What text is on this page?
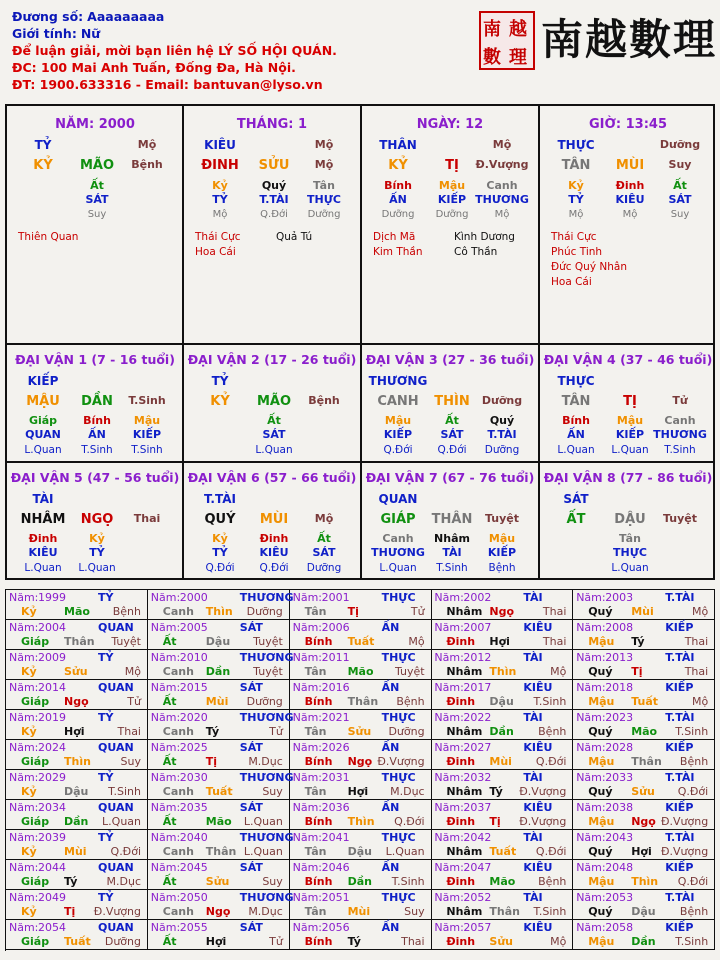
Đương số: Aaaaaaaaa
Giới tính: Nữ
Để luận giải, mời bạn liên hệ LÝ SỐ HỘI QUÁN.
ĐC: 100 Mai Anh Tuấn, Đống Đa, Hà Nội.
ĐT: 1900.633316 - Email: bantuvan@lyso.vn
南 越
數 理 南越數理
NĂM: 2000
TỶ	Mộ
KỶ MÃO Bệnh
Ất
SÁT
Suy
Thiên Quan
THÁNG: 1
KIÊU	Mộ
ĐINH SỬU Mộ
Kỷ
TỶ
Mộ
Quý
T.TÀI
Q.Đới
Tân
THỰC
Dưỡng
Thái Cực	Quả Tú
Hoa Cái
NGÀY: 12
THÂN	Mộ
KỶ	TỊ Đ.Vượng
Bính
ẤN
Dưỡng
Mậu
KIẾP
Dưỡng
Canh
THƯƠNG
Mộ
Dịch Mã	Kình Dương
Kim Thần	Cô Thần
GIỜ: 13:45
THỰC	Dưỡng
TÂN MÙI Suy
Kỷ
TỶ
Mộ
Đinh
KIÊU
Mộ
Ất
SÁT
Suy
Thái Cực
Phúc Tinh
Đức Quý Nhân
Hoa Cái
ĐẠI VẬN 1 (7 - 16 tuổi)
KIẾP
MẬU DẦN T.Sinh
Giáp
QUAN
L.Quan
Bính
ẤN
T.Sinh
Mậu
KIẾP
T.Sinh
ĐẠI VẬN 2 (17 - 26 tuổi)
TỶ
KỶ MÃO Bệnh
Ất
SÁT
L.Quan
ĐẠI VẬN 3 (27 - 36 tuổi)
THƯƠNG
CANH THÌN Dưỡng
Mậu
KIẾP
Q.Đới
Ất
SÁT
Q.Đới
Quý
T.TÀI
Dưỡng
ĐẠI VẬN 4 (37 - 46 tuổi)
THỰC
TÂN	TỊ	Tử
Bính
ẤN
L.Quan
Mậu
KIẾP
L.Quan
Canh
THƯƠNG
T.Sinh
ĐẠI VẬN 5 (47 - 56 tuổi)
TÀI
NHÂM NGỌ Thai
Đinh
KIÊU
L.Quan
Kỷ
TỶ
L.Quan
ĐẠI VẬN 6 (57 - 66 tuổi)
T.TÀI
QUÝ MÙI Mộ
Kỷ
TỶ
Q.Đới
Đinh
KIÊU
Q.Đới
Ất
SÁT
Dưỡng
ĐẠI VẬN 7 (67 - 76 tuổi)
QUAN
GIÁP THÂN Tuyệt
Canh
THƯƠNG
L.Quan
Nhâm
TÀI
T.Sinh
Mậu
KIẾP
Bệnh
ĐẠI VẬN 8 (77 - 86 tuổi)
SÁT
ẤT DẬU Tuyệt
Tân
THỰC
L.Quan
Năm: 1999	TỶ
Kỷ Mão Bệnh
Năm: 2000	THƯƠNG
Canh Thìn Dưỡng
Năm: 2001	THỰC
Tân Tị	Tử
Năm: 2002	TÀI
Nhâm Ngọ	Thai
Năm: 2003	T.TÀI
Quý Mùi	Mộ
Năm: 2004	QUAN
Giáp Thân Tuyệt
Năm: 2005	SÁT
Ất	Dậu Tuyệt
Năm: 2006	ẤN
Bính Tuất	Mộ
Năm: 2007	KIÊU
Đinh Hợi	Thai
Năm: 2008	KIẾP
Mậu Tý	Thai
Năm: 2009	TỶ
Kỷ Sửu	Mộ
Năm: 2010	THƯƠNG
Canh Dần Tuyệt
Năm: 2011	THỰC
Tân Mão Tuyệt
Năm: 2012	TÀI
Nhâm Thìn	Mộ
Năm: 2013	T.TÀI
Quý Tị	Thai
Năm: 2014	QUAN
Giáp Ngọ	Tử
Năm: 2015	SÁT
Ất	Mùi Dưỡng
Năm: 2016	ẤN
Bính Thân Bệnh
Năm: 2017	KIÊU
Đinh Dậu T.Sinh
Năm: 2018	KIẾP
Mậu Tuất	Mộ
Năm: 2019	TỶ
Kỷ Hợi	Thai
Năm: 2020	THƯƠNG
Canh Tý	Tử
Năm: 2021	THỰC
Tân Sửu Dưỡng
Năm: 2022	TÀI
Nhâm Dần Bệnh
Năm: 2023	T.TÀI
Quý Mão T.Sinh
Năm: 2024	QUAN
Giáp Thìn	Suy
Năm: 2025	SÁT
Ất	Tị	M.Dục
Năm: 2026	ẤN
Bính Ngọ Đ.Vượng
Năm: 2027	KIÊU
Đinh Mùi Q.Đới
Năm: 2028	KIẾP
Mậu Thân Bệnh
Năm: 2029	TỶ
Kỷ Dậu T.Sinh
Năm: 2030	THƯƠNG
Canh Tuất	Suy
Năm: 2031	THỰC
Tân Hợi M.Dục
Năm: 2032	TÀI
Nhâm Tý Đ.Vượng
Năm: 2033	T.TÀI
Quý Sửu Q.Đới
Năm: 2034	QUAN
Giáp Dần L.Quan
Năm: 2035	SÁT
Ất	Mão L.Quan
Năm: 2036	ẤN
Bính Thìn Q.Đới
Năm: 2037	KIÊU
Đinh Tị Đ.Vượng
Năm: 2038	KIẾP
Mậu Ngọ Đ.Vượng
Năm: 2039	TỶ
Kỷ Mùi Q.Đới
Năm: 2040	THƯƠNG
Canh Thân L.Quan
Năm: 2041	THỰC
Tân Dậu L.Quan
Năm: 2042	TÀI
Nhâm Tuất Q.Đới
Năm: 2043	T.TÀI
Quý Hợi Đ.Vượng
Năm: 2044	QUAN
Giáp Tý	M.Dục
Năm: 2045	SÁT
Ất	Sửu	Suy
Năm: 2046	ẤN
Bính Dần T.Sinh
Năm: 2047	KIÊU
Đinh Mão Bệnh
Năm: 2048	KIẾP
Mậu Thìn Q.Đới
Năm: 2049	TỶ
Kỷ Tị Đ.Vượng
Năm: 2050	THƯƠNG
Canh Ngọ M.Dục
Năm: 2051	THỰC
Tân Mùi	Suy
Năm: 2052	TÀI
Nhâm Thân T.Sinh
Năm: 2053	T.TÀI
Quý Dậu Bệnh
Năm: 2054	QUAN
Giáp Tuất Dưỡng
Năm: 2055	SÁT
Ất	Hợi	Tử
Năm: 2056	ẤN
Bính Tý	Thai
Năm: 2057	KIÊU
Đinh Sửu	Mộ
Năm: 2058	KIẾP
Mậu Dần T.Sinh
